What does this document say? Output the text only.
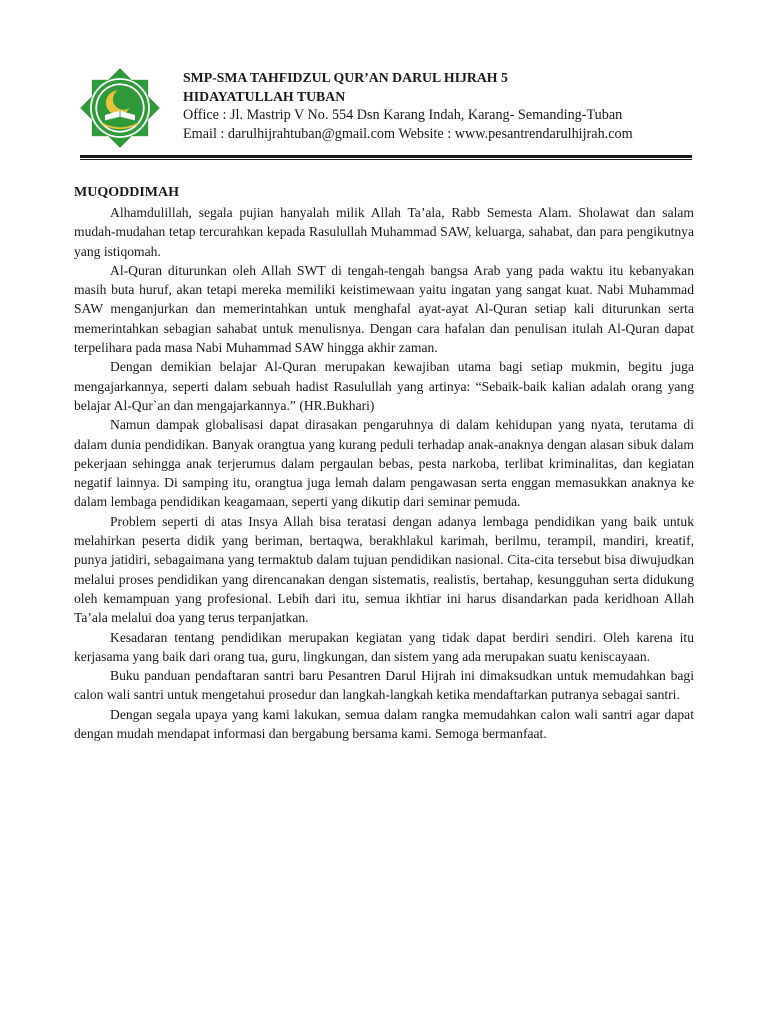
SMP-SMA TAHFIDZUL QUR’AN DARUL HIJRAH 5
HIDAYATULLAH TUBAN
Office : Jl. Mastrip V No. 554 Dsn Karang Indah, Karang- Semanding-Tuban
Email : darulhijrahtuban@gmail.com Website : www.pesantrendarulhijrah.com

MUQODDIMAH

Alhamdulillah, segala pujian hanyalah milik Allah Ta’ala, Rabb Semesta Alam. Sholawat dan salam mudah-mudahan tetap tercurahkan kepada Rasulullah Muhammad SAW, keluarga, sahabat, dan para pengikutnya yang istiqomah.

Al-Quran diturunkan oleh Allah SWT di tengah-tengah bangsa Arab yang pada waktu itu kebanyakan masih buta huruf, akan tetapi mereka memiliki keistimewaan yaitu ingatan yang sangat kuat. Nabi Muhammad SAW menganjurkan dan memerintahkan untuk menghafal ayat-ayat Al-Quran setiap kali diturunkan serta memerintahkan sebagian sahabat untuk menulisnya. Dengan cara hafalan dan penulisan itulah Al-Quran dapat terpelihara pada masa Nabi Muhammad SAW hingga akhir zaman.

Dengan demikian belajar Al-Quran merupakan kewajiban utama bagi setiap mukmin, begitu juga mengajarkannya, seperti dalam sebuah hadist Rasulullah yang artinya: “Sebaik-baik kalian adalah orang yang belajar Al-Qur`an dan mengajarkannya.” (HR.Bukhari)

Namun dampak globalisasi dapat dirasakan pengaruhnya di dalam kehidupan yang nyata, terutama di dalam dunia pendidikan. Banyak orangtua yang kurang peduli terhadap anak-anaknya dengan alasan sibuk dalam pekerjaan sehingga anak terjerumus dalam pergaulan bebas, pesta narkoba, terlibat kriminalitas, dan kegiatan negatif lainnya. Di samping itu, orangtua juga lemah dalam pengawasan serta enggan memasukkan anaknya ke dalam lembaga pendidikan keagamaan, seperti yang dikutip dari seminar pemuda.

Problem seperti di atas Insya Allah bisa teratasi dengan adanya lembaga pendidikan yang baik untuk melahirkan peserta didik yang beriman, bertaqwa, berakhlakul karimah, berilmu, terampil, mandiri, kreatif, punya jatidiri, sebagaimana yang termaktub dalam tujuan pendidikan nasional. Cita-cita tersebut bisa diwujudkan melalui proses pendidikan yang direncanakan dengan sistematis, realistis, bertahap, kesungguhan serta didukung oleh kemampuan yang profesional. Lebih dari itu, semua ikhtiar ini harus disandarkan pada keridhoan Allah Ta’ala melalui doa yang terus terpanjatkan.

Kesadaran tentang pendidikan merupakan kegiatan yang tidak dapat berdiri sendiri. Oleh karena itu kerjasama yang baik dari orang tua, guru, lingkungan, dan sistem yang ada merupakan suatu keniscayaan.

Buku panduan pendaftaran santri baru Pesantren Darul Hijrah ini dimaksudkan untuk memudahkan bagi calon wali santri untuk mengetahui prosedur dan langkah-langkah ketika mendaftarkan putranya sebagai santri.

Dengan segala upaya yang kami lakukan, semua dalam rangka memudahkan calon wali santri agar dapat dengan mudah mendapat informasi dan bergabung bersama kami. Semoga bermanfaat.
